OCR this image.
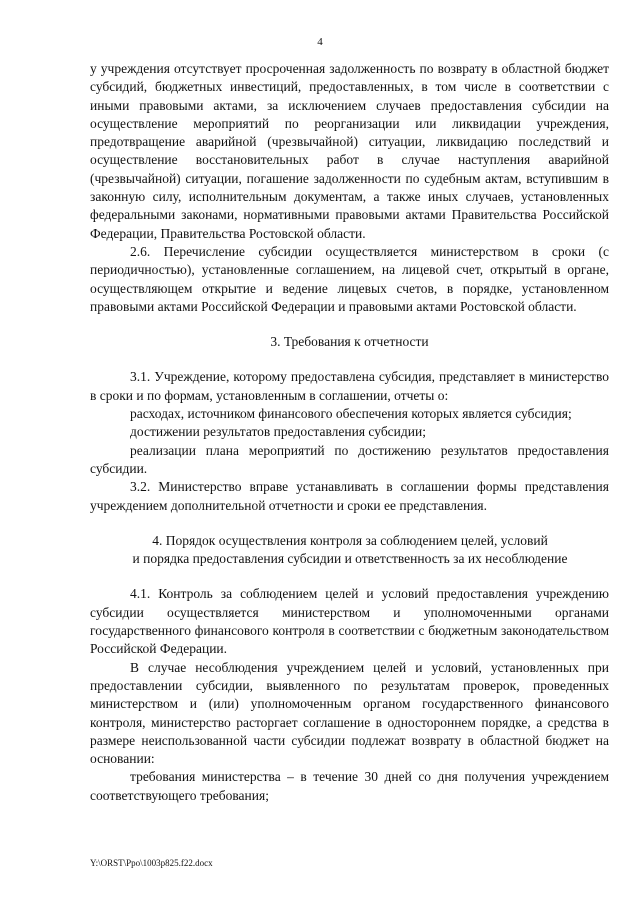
4

у учреждения отсутствует просроченная задолженность по возврату в областной бюджет субсидий, бюджетных инвестиций, предоставленных, в том числе в соответствии с иными правовыми актами, за исключением случаев предоставления субсидии на осуществление мероприятий по реорганизации или ликвидации учреждения, предотвращение аварийной (чрезвычайной) ситуации, ликвидацию последствий и осуществление восстановительных работ в случае наступления аварийной (чрезвычайной) ситуации, погашение задолженности по судебным актам, вступившим в законную силу, исполнительным документам, а также иных случаев, установленных федеральными законами, нормативными правовыми актами Правительства Российской Федерации, Правительства Ростовской области.

2.6. Перечисление субсидии осуществляется министерством в сроки (с периодичностью), установленные соглашением, на лицевой счет, открытый в органе, осуществляющем открытие и ведение лицевых счетов, в порядке, установленном правовыми актами Российской Федерации и правовыми актами Ростовской области.

3. Требования к отчетности

3.1. Учреждение, которому предоставлена субсидия, представляет в министерство в сроки и по формам, установленным в соглашении, отчеты о:

расходах, источником финансового обеспечения которых является субсидия;

достижении результатов предоставления субсидии;

реализации плана мероприятий по достижению результатов предоставления субсидии.

3.2. Министерство вправе устанавливать в соглашении формы представления учреждением дополнительной отчетности и сроки ее представления.

4. Порядок осуществления контроля за соблюдением целей, условий
и порядка предоставления субсидии и ответственность за их несоблюдение

4.1. Контроль за соблюдением целей и условий предоставления учреждению субсидии осуществляется министерством и уполномоченными органами государственного финансового контроля в соответствии с бюджетным законодательством Российской Федерации.

В случае несоблюдения учреждением целей и условий, установленных при предоставлении субсидии, выявленного по результатам проверок, проведенных министерством и (или) уполномоченным органом государственного финансового контроля, министерство расторгает соглашение в одностороннем порядке, а средства в размере неиспользованной части субсидии подлежат возврату в областной бюджет на основании:

требования министерства – в течение 30 дней со дня получения учреждением соответствующего требования;

Y:\ORST\Ppo\1003p825.f22.docx
